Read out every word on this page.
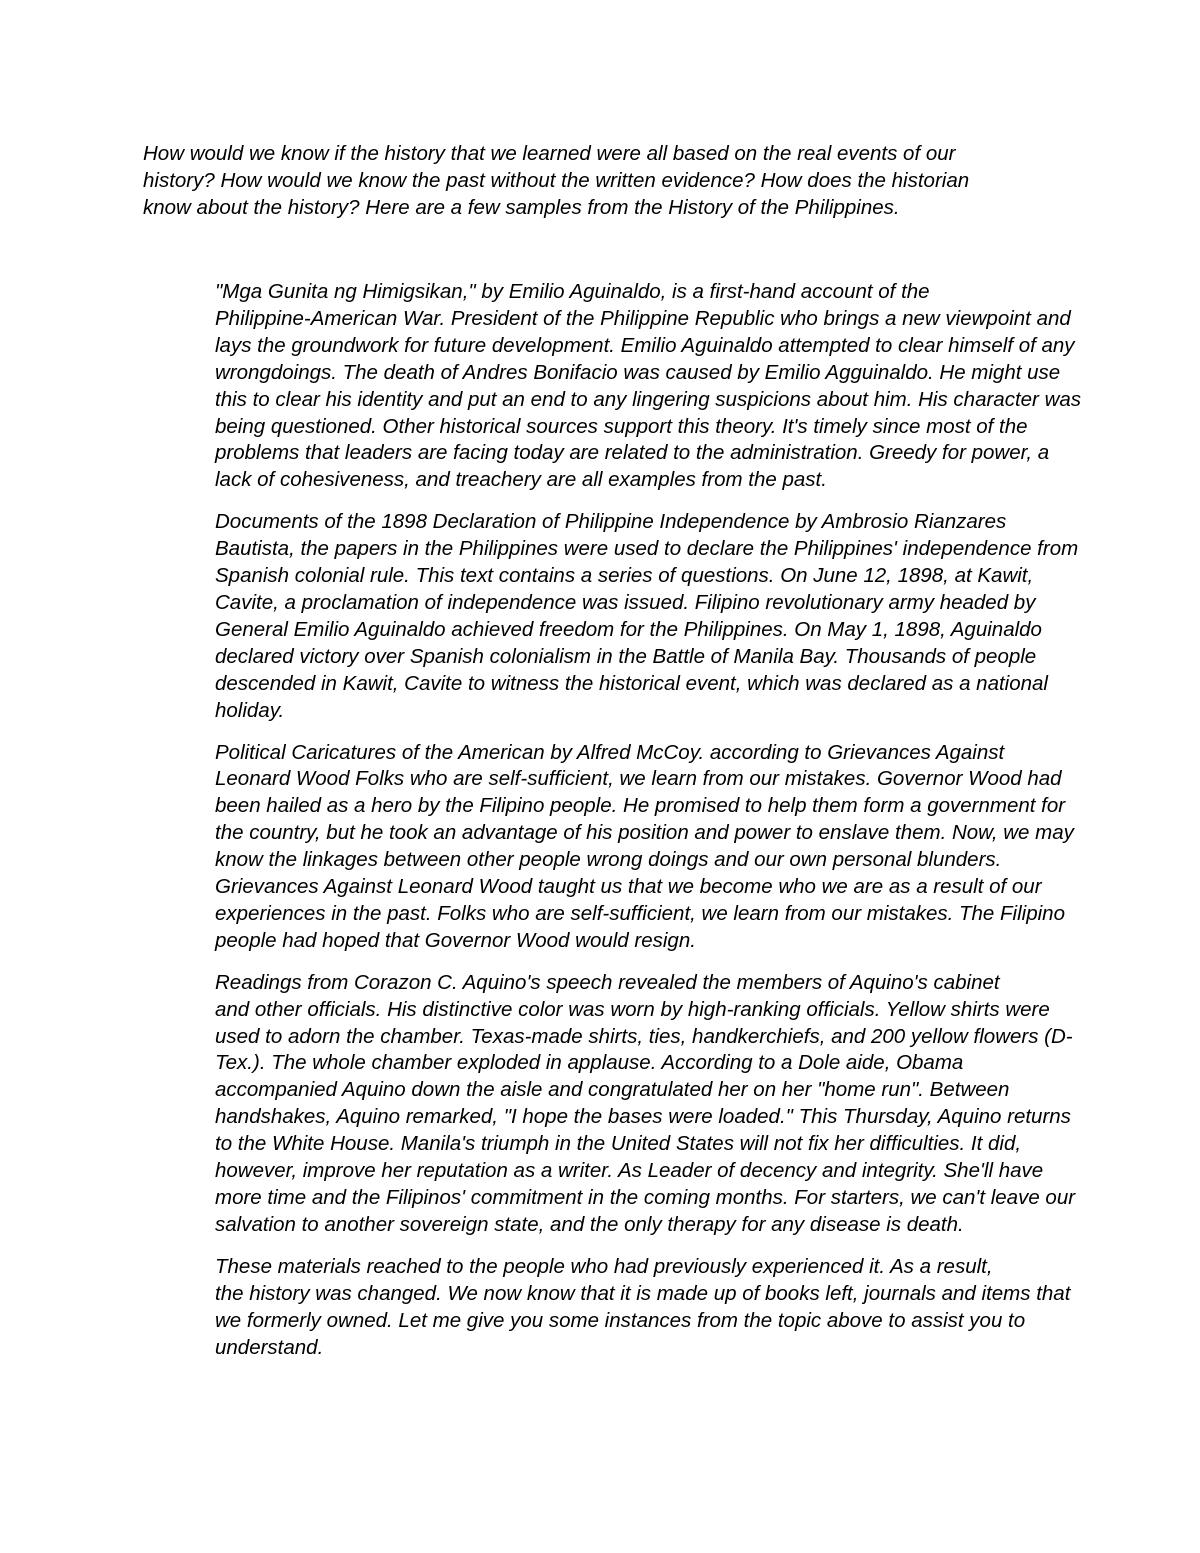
How would we know if the history that we learned were all based on the real events of our
history? How would we know the past without the written evidence? How does the historian
know about the history? Here are a few samples from the History of the Philippines.

"Mga Gunita ng Himigsikan," by Emilio Aguinaldo, is a first-hand account of the
Philippine-American War. President of the Philippine Republic who brings a new viewpoint and
lays the groundwork for future development. Emilio Aguinaldo attempted to clear himself of any
wrongdoings. The death of Andres Bonifacio was caused by Emilio Agguinaldo. He might use
this to clear his identity and put an end to any lingering suspicions about him. His character was
being questioned. Other historical sources support this theory. It's timely since most of the
problems that leaders are facing today are related to the administration. Greedy for power, a
lack of cohesiveness, and treachery are all examples from the past.

Documents of the 1898 Declaration of Philippine Independence by Ambrosio Rianzares
Bautista, the papers in the Philippines were used to declare the Philippines' independence from
Spanish colonial rule. This text contains a series of questions. On June 12, 1898, at Kawit,
Cavite, a proclamation of independence was issued. Filipino revolutionary army headed by
General Emilio Aguinaldo achieved freedom for the Philippines. On May 1, 1898, Aguinaldo
declared victory over Spanish colonialism in the Battle of Manila Bay. Thousands of people
descended in Kawit, Cavite to witness the historical event, which was declared as a national
holiday.

Political Caricatures of the American by Alfred McCoy. according to Grievances Against
Leonard Wood Folks who are self-sufficient, we learn from our mistakes. Governor Wood had
been hailed as a hero by the Filipino people. He promised to help them form a government for
the country, but he took an advantage of his position and power to enslave them. Now, we may
know the linkages between other people wrong doings and our own personal blunders.
Grievances Against Leonard Wood taught us that we become who we are as a result of our
experiences in the past. Folks who are self-sufficient, we learn from our mistakes. The Filipino
people had hoped that Governor Wood would resign.

Readings from Corazon C. Aquino's speech revealed the members of Aquino's cabinet
and other officials. His distinctive color was worn by high-ranking officials. Yellow shirts were
used to adorn the chamber. Texas-made shirts, ties, handkerchiefs, and 200 yellow flowers (D-
Tex.). The whole chamber exploded in applause. According to a Dole aide, Obama
accompanied Aquino down the aisle and congratulated her on her "home run". Between
handshakes, Aquino remarked, "I hope the bases were loaded." This Thursday, Aquino returns
to the White House. Manila's triumph in the United States will not fix her difficulties. It did,
however, improve her reputation as a writer. As Leader of decency and integrity. She'll have
more time and the Filipinos' commitment in the coming months. For starters, we can't leave our
salvation to another sovereign state, and the only therapy for any disease is death.

These materials reached to the people who had previously experienced it. As a result,
the history was changed. We now know that it is made up of books left, journals and items that
we formerly owned. Let me give you some instances from the topic above to assist you to
understand.
